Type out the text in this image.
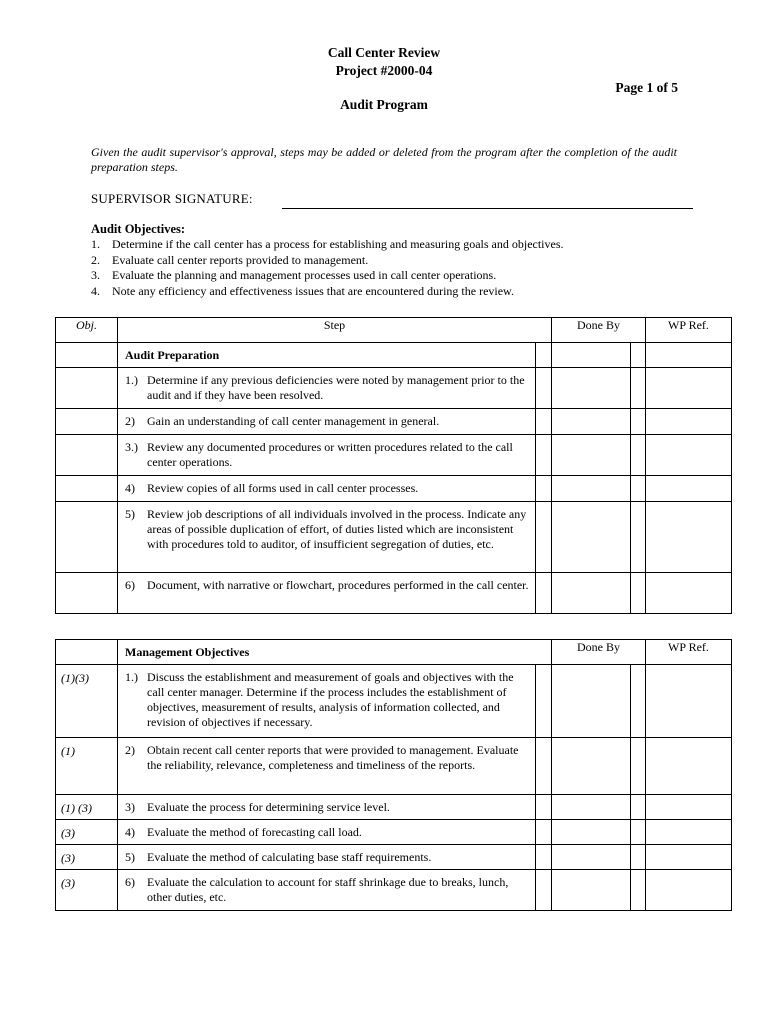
Call Center Review
Project #2000-04
Page 1 of 5
Audit Program
Given the audit supervisor's approval, steps may be added or deleted from the program after the completion of the audit preparation steps.
SUPERVISOR SIGNATURE:
Audit Objectives:
1.	Determine if the call center has a process for establishing and measuring goals and objectives.
2.	Evaluate call center reports provided to management.
3.	Evaluate the planning and management processes used in call center operations.
4.	Note any efficiency and effectiveness issues that are encountered during the review.
Obj.	Step		Done By		WP Ref.
	Audit Preparation				

	1.) Determine if any previous deficiencies were noted by management prior to the audit and if they have been resolved.				

	2) Gain an understanding of call center management in general.				

	3.) Review any documented procedures or written procedures related to the call center operations.				

	4) Review copies of all forms used in call center processes.				

	5) Review job descriptions of all individuals involved in the process. Indicate any areas of possible duplication of effort, of duties listed which are inconsistent with procedures told to auditor, of insufficient segregation of duties, etc.				

	6) Document, with narrative or flowchart, procedures performed in the call center.				

	Management Objectives		Done By		WP Ref.
(1)(3)	1.) Discuss the establishment and measurement of goals and objectives with the call center manager. Determine if the process includes the establishment of objectives, measurement of results, analysis of information collected, and revision of objectives if necessary.				

(1)	2) Obtain recent call center reports that were provided to management. Evaluate the reliability, relevance, completeness and timeliness of the reports.				

(1) (3)	3) Evaluate the process for determining service level.				

(3)	4) Evaluate the method of forecasting call load.				

(3)	5) Evaluate the method of calculating base staff requirements.				

(3)	6) Evaluate the calculation to account for staff shrinkage due to breaks, lunch, other duties, etc.				
